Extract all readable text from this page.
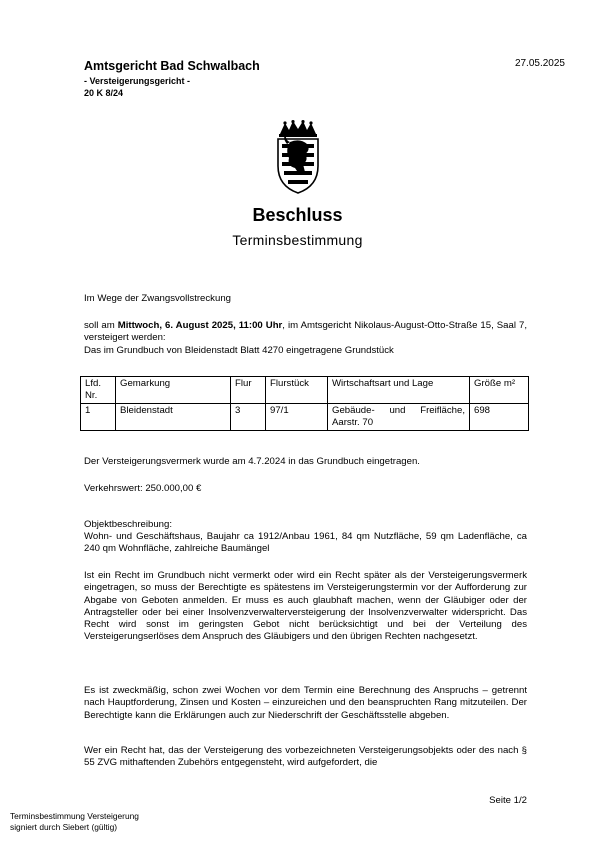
Amtsgericht Bad Schwalbach
- Versteigerungsgericht -
20 K 8/24
27.05.2025
Beschluss
Terminsbestimmung
Im Wege der Zwangsvollstreckung
soll am Mittwoch, 6. August 2025, 11:00 Uhr, im Amtsgericht Nikolaus-August-Otto-Straße 15, Saal 7, versteigert werden:
Das im Grundbuch von Bleidenstadt Blatt 4270 eingetragene Grundstück
Lfd. Nr.	Gemarkung	Flur	Flurstück	Wirtschaftsart und Lage	Größe m²
1	Bleidenstadt	3	97/1	Gebäude- und Freifläche, Aarstr. 70	698
Der Versteigerungsvermerk wurde am 4.7.2024 in das Grundbuch eingetragen.
Verkehrswert: 250.000,00 €
Objektbeschreibung:
Wohn- und Geschäftshaus, Baujahr ca 1912/Anbau 1961, 84 qm Nutzfläche, 59 qm Ladenfläche, ca 240 qm Wohnfläche, zahlreiche Baumängel
Ist ein Recht im Grundbuch nicht vermerkt oder wird ein Recht später als der Versteigerungsvermerk eingetragen, so muss der Berechtigte es spätestens im Versteigerungstermin vor der Aufforderung zur Abgabe von Geboten anmelden. Er muss es auch glaubhaft machen, wenn der Gläubiger oder der Antragsteller oder bei einer Insolvenzverwalterversteigerung der Insolvenzverwalter widerspricht. Das Recht wird sonst im geringsten Gebot nicht berücksichtigt und bei der Verteilung des Versteigerungserlöses dem Anspruch des Gläubigers und den übrigen Rechten nachgesetzt.
Es ist zweckmäßig, schon zwei Wochen vor dem Termin eine Berechnung des Anspruchs – getrennt nach Hauptforderung, Zinsen und Kosten – einzureichen und den beanspruchten Rang mitzuteilen. Der Berechtigte kann die Erklärungen auch zur Niederschrift der Geschäftsstelle abgeben.
Wer ein Recht hat, das der Versteigerung des vorbezeichneten Versteigerungsobjekts oder des nach § 55 ZVG mithaftenden Zubehörs entgegensteht, wird aufgefordert, die
Seite 1/2
Terminsbestimmung Versteigerung
signiert durch Siebert (gültig)
